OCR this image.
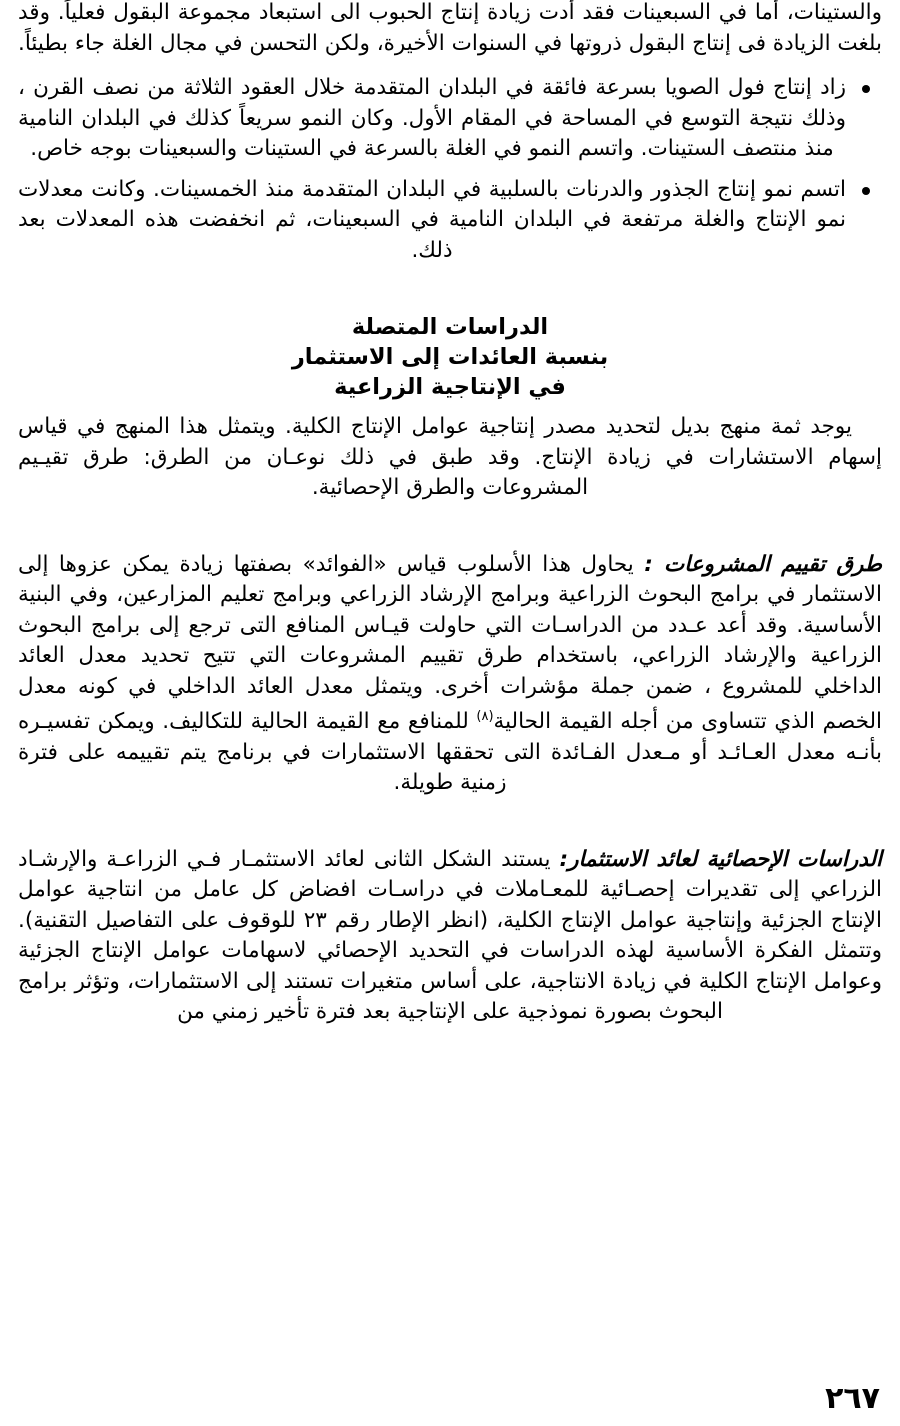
والستينات، أما في السبعينات فقد أدت زيادة إنتاج الحبوب الى استبعاد مجموعة البقول فعلياً. وقد بلغت الزيادة فى إنتاج البقول ذروتها في السنوات الأخيرة، ولكن التحسن في مجال الغلة جاء بطيئاً.

زاد إنتاج فول الصويا بسرعة فائقة في البلدان المتقدمة خلال العقود الثلاثة من نصف القرن ، وذلك نتيجة التوسع في المساحة في المقام الأول. وكان النمو سريعاً كذلك في البلدان النامية منذ منتصف الستينات. واتسم النمو في الغلة بالسرعة في الستينات والسبعينات بوجه خاص.

اتسم نمو إنتاج الجذور والدرنات بالسلبية في البلدان المتقدمة منذ الخمسينات. وكانت معدلات نمو الإنتاج والغلة مرتفعة في البلدان النامية في السبعينات، ثم انخفضت هذه المعدلات بعد ذلك.

الدراسات المتصلة
بنسبة العائدات إلى الاستثمار
في الإنتاجية الزراعية

يوجد ثمة منهج بديل لتحديد مصدر إنتاجية عوامل الإنتاج الكلية. ويتمثل هذا المنهج في قياس إسهام الاستشارات في زيادة الإنتاج. وقد طبق في ذلك نوعـان من الطرق: طرق تقيـيم المشروعات والطرق الإحصائية.

طرق تقييم المشروعات : يحاول هذا الأسلوب قياس «الفوائد» بصفتها زيادة يمكن عزوها إلى الاستثمار في برامج البحوث الزراعية وبرامج الإرشاد الزراعي وبرامج تعليم المزارعين، وفي البنية الأساسية. وقد أعد عـدد من الدراسـات التي حاولت قيـاس المنافع التى ترجع إلى برامج البحوث الزراعية والإرشاد الزراعي، باستخدام طرق تقييم المشروعات التي تتيح تحديد معدل العائد الداخلي للمشروع ، ضمن جملة مؤشرات أخرى. ويتمثل معدل العائد الداخلي في كونه معدل الخصم الذي تتساوى من أجله القيمة الحالية$^{(٨)}$ للمنافع مع القيمة الحالية للتكاليف. ويمكن تفسيـره بأنـه معدل العـائـد أو مـعدل الفـائدة التى تحققها الاستثمارات في برنامج يتم تقييمه على فترة زمنية طويلة.

الدراسات الإحصائية لعائد الاستثمار: يستند الشكل الثانى لعائد الاستثمـار فـي الزراعـة والإرشـاد الزراعي إلى تقديرات إحصـائية للمعـاملات في دراسـات افضاض كل عامل من انتاجية عوامل الإنتاج الجزئية وإنتاجية عوامل الإنتاج الكلية، (انظر الإطار رقم ٢٣ للوقوف على التفاصيل التقنية). وتتمثل الفكرة الأساسية لهذه الدراسات في التحديد الإحصائي لاسهامات عوامل الإنتاج الجزئية وعوامل الإنتاج الكلية في زيادة الانتاجية، على أساس متغيرات تستند إلى الاستثمارات، وتؤثر برامج البحوث بصورة نموذجية على الإنتاجية بعد فترة تأخير زمني من

٢٦٧
